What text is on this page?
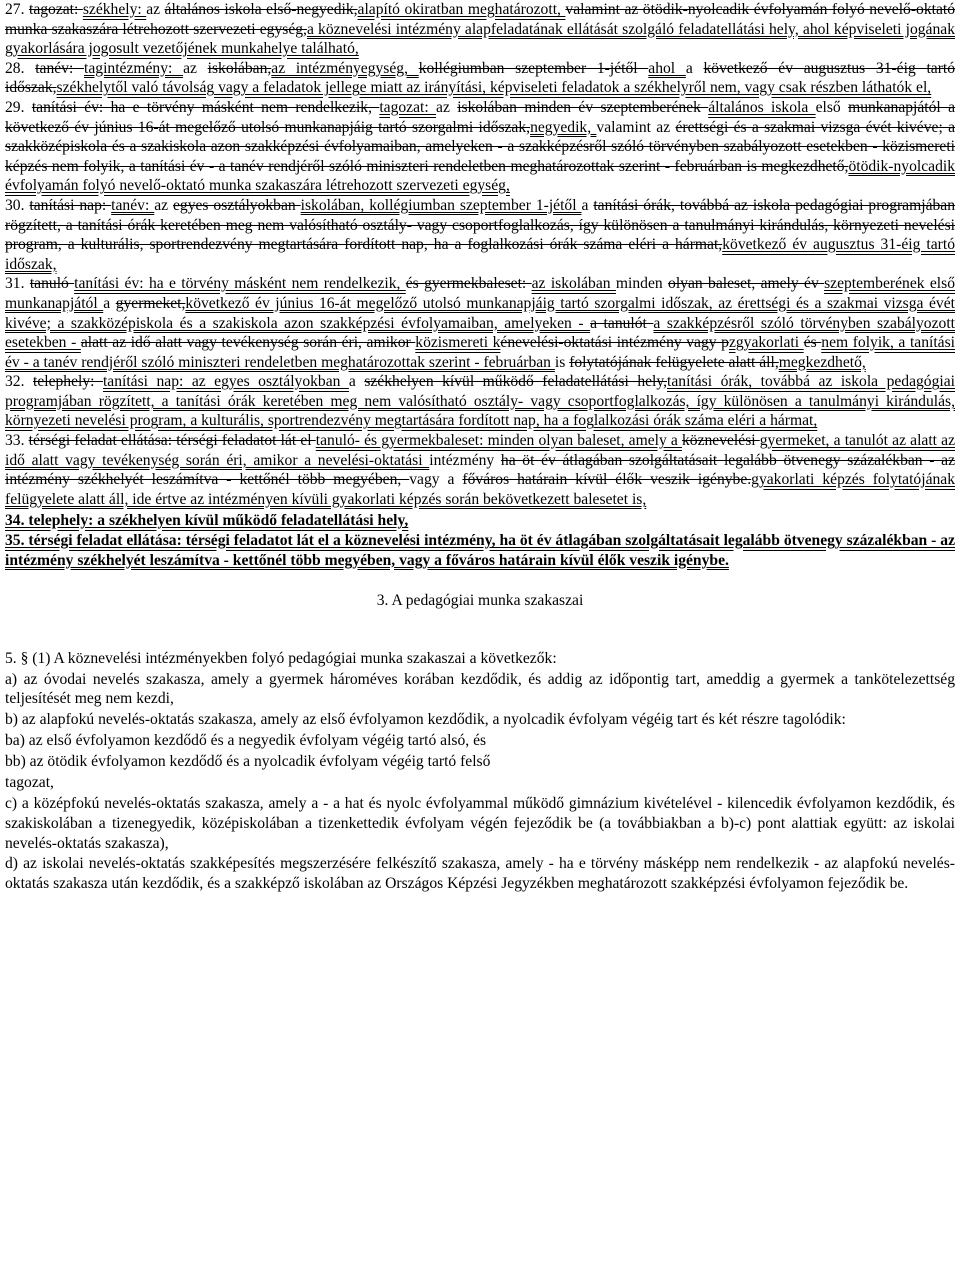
27. tagozat: székhely: az általános iskola első-negyedik,alapító okiratban meghatározott, valamint az ötödik-nyolcadik évfolyamán folyó nevelő-oktató munka szakaszára létrehozott szervezeti egység,a köznevelési intézmény alapfeladatának ellátását szolgáló feladatellátási hely, ahol képviseleti jogának gyakorlására jogosult vezetőjének munkahelye található,

28. tanév: tagintézmény: az iskolában,az intézményegység, kollégiumban szeptember 1-jétől ahol a következő év augusztus 31-éig tartó időszak,székhelytől való távolság vagy a feladatok jellege miatt az irányítási, képviseleti feladatok a székhelyről nem, vagy csak részben láthatók el,

29. tanítási év: ha e törvény másként nem rendelkezik, tagozat: az iskolában minden év szeptemberének általános iskola első munkanapjától a következő év június 16-át megelőző utolsó munkanapjáig tartó szorgalmi időszak,negyedik, valamint az érettségi és a szakmai vizsga évét kivéve; a szakközépiskola és a szakiskola azon szakképzési évfolyamaiban, amelyeken - a szakképzésről szóló törvényben szabályozott esetekben - közismereti képzés nem folyik, a tanítási év - a tanév rendjéről szóló miniszteri rendeletben meghatározottak szerint - februárban is megkezdhető,ötödik-nyolcadik évfolyamán folyó nevelő-oktató munka szakaszára létrehozott szervezeti egység,

30. tanítási nap: tanév: az egyes osztályokban iskolában, kollégiumban szeptember 1-jétől a tanítási órák, továbbá az iskola pedagógiai programjában rögzített, a tanítási órák keretében meg nem valósítható osztály- vagy csoportfoglalkozás, így különösen a tanulmányi kirándulás, környezeti nevelési program, a kulturális, sportrendezvény megtartására fordított nap, ha a foglalkozási órák száma eléri a hármat,következő év augusztus 31-éig tartó időszak,

31. tanuló tanítási év: ha e törvény másként nem rendelkezik, és gyermekbaleset: az iskolában minden olyan baleset, amely év szeptemberének első munkanapjától a gyermeket,következő év június 16-át megelőző utolsó munkanapjáig tartó szorgalmi időszak, az érettségi és a szakmai vizsga évét kivéve; a szakközépiskola és a szakiskola azon szakképzési évfolyamaiban, amelyeken - a tanulót a szakképzésről szóló törvényben szabályozott esetekben - alatt az idő alatt vagy tevékenység során éri, amikor közismereti kénevelési-oktatási intézmény vagy pzgyakorlati és nem folyik, a tanítási év - a tanév rendjéről szóló miniszteri rendeletben meghatározottak szerint - februárban is folytatójának felügyelete alatt áll,megkezdhető,

32. telephely: tanítási nap: az egyes osztályokban a székhelyen kívül működő feladatellátási hely,tanítási órák, továbbá az iskola pedagógiai programjában rögzített, a tanítási órák keretében meg nem valósítható osztály- vagy csoportfoglalkozás, így különösen a tanulmányi kirándulás, környezeti nevelési program, a kulturális, sportrendezvény megtartására fordított nap, ha a foglalkozási órák száma eléri a hármat,

33. térségi feladat ellátása: térségi feladatot lát el tanuló- és gyermekbaleset: minden olyan baleset, amely a köznevelési gyermeket, a tanulót az alatt az idő alatt vagy tevékenység során éri, amikor a nevelési-oktatási intézmény ha öt év átlagában szolgáltatásait legalább ötvenegy százalékban - az intézmény székhelyét leszámítva - kettőnél több megyében, vagy a főváros határain kívül élők veszik igénybe.gyakorlati képzés folytatójának felügyelete alatt áll, ide értve az intézményen kívüli gyakorlati képzés során bekövetkezett balesetet is,

34. telephely: a székhelyen kívül működő feladatellátási hely,

35. térségi feladat ellátása: térségi feladatot lát el a köznevelési intézmény, ha öt év átlagában szolgáltatásait legalább ötvenegy százalékban - az intézmény székhelyét leszámítva - kettőnél több megyében, vagy a főváros határain kívül élők veszik igénybe.

3. A pedagógiai munka szakaszai

5. § (1) A köznevelési intézményekben folyó pedagógiai munka szakaszai a következők:

a) az óvodai nevelés szakasza, amely a gyermek hároméves korában kezdődik, és addig az időpontig tart, ameddig a gyermek a tankötelezettség teljesítését meg nem kezdi,

b) az alapfokú nevelés-oktatás szakasza, amely az első évfolyamon kezdődik, a nyolcadik évfolyam végéig tart és két részre tagolódik:

ba) az első évfolyamon kezdődő és a negyedik évfolyam végéig tartó alsó, és

bb) az ötödik évfolyamon kezdődő és a nyolcadik évfolyam végéig tartó felső

tagozat,

c) a középfokú nevelés-oktatás szakasza, amely a - a hat és nyolc évfolyammal működő gimnázium kivételével - kilencedik évfolyamon kezdődik, és szakiskolában a tizenegyedik, középiskolában a tizenkettedik évfolyam végén fejeződik be (a továbbiakban a b)-c) pont alattiak együtt: az iskolai nevelés-oktatás szakasza),

d) az iskolai nevelés-oktatás szakképesítés megszerzésére felkészítő szakasza, amely - ha e törvény másképp nem rendelkezik - az alapfokú nevelés-oktatás szakasza után kezdődik, és a szakképző iskolában az Országos Képzési Jegyzékben meghatározott szakképzési évfolyamon fejeződik be.
